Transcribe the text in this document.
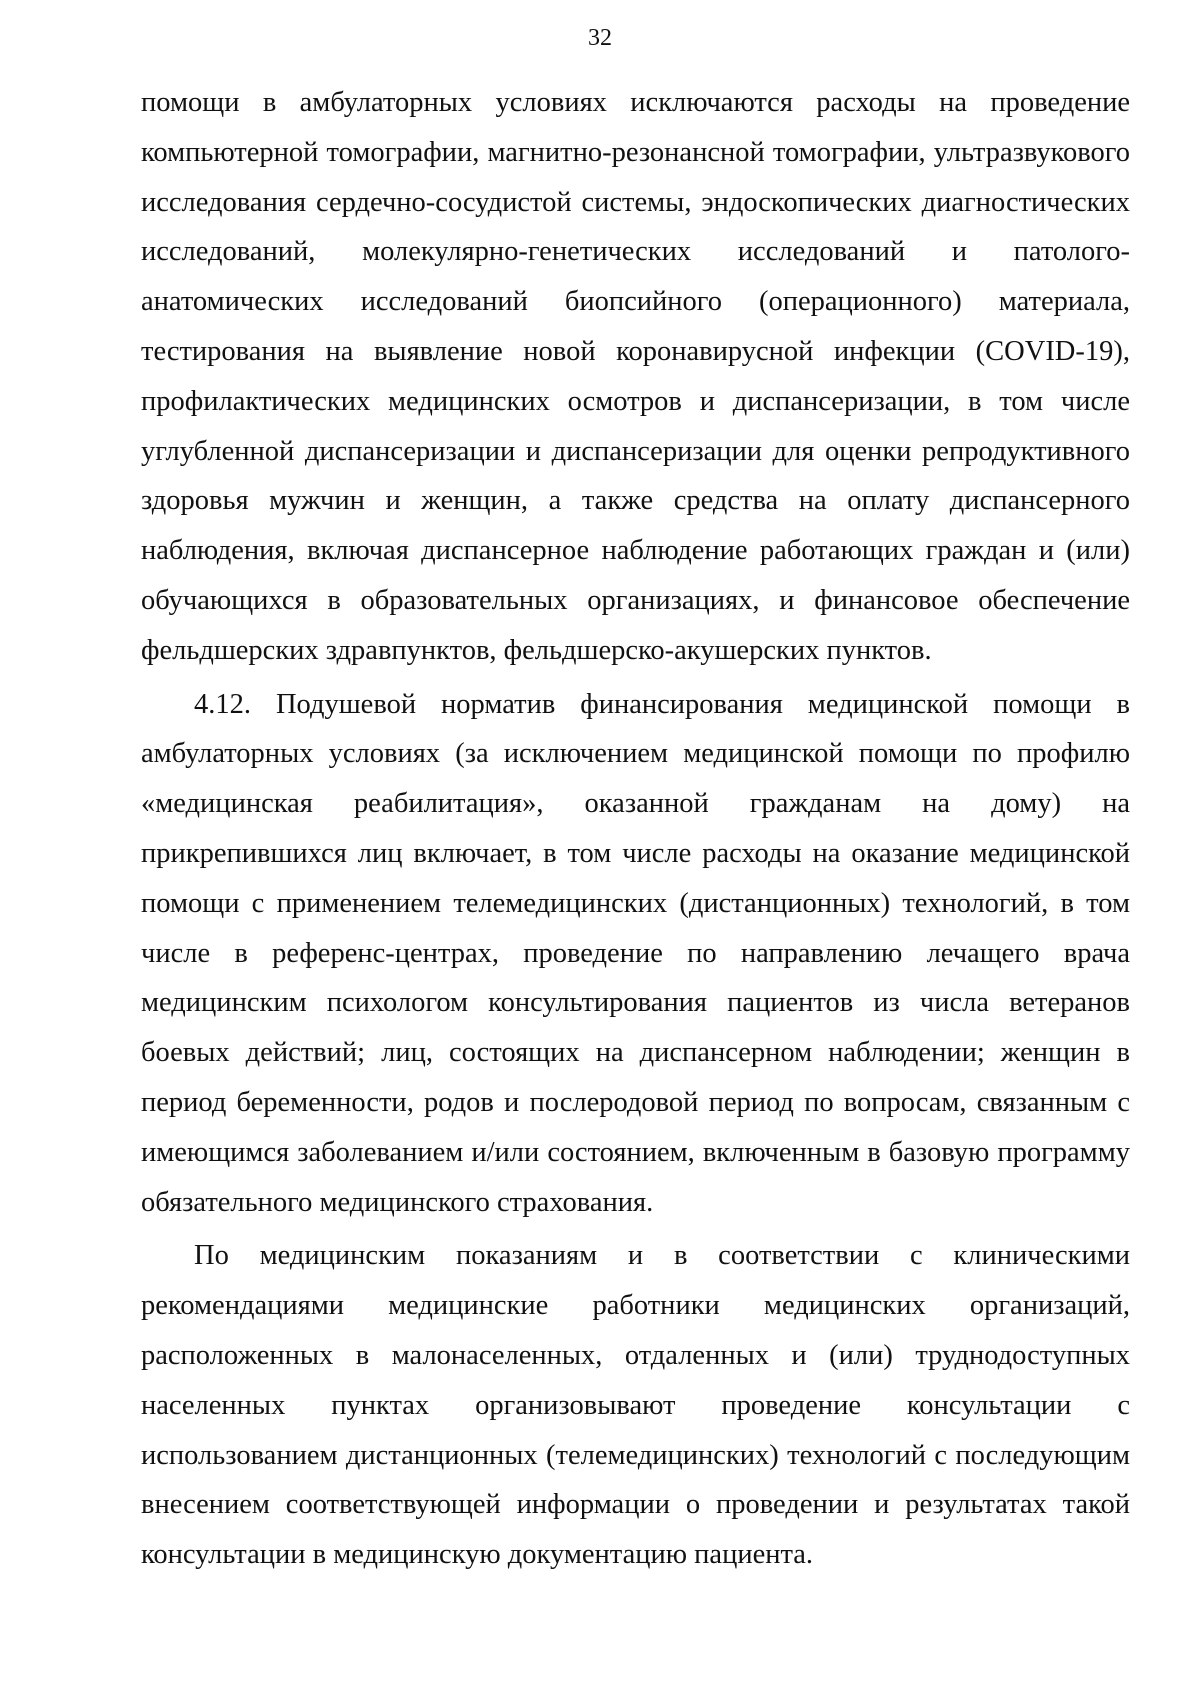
32

помощи в амбулаторных условиях исключаются расходы на проведение компьютерной томографии, магнитно-резонансной томографии, ультразвукового исследования сердечно-сосудистой системы, эндоскопических диагностических исследований, молекулярно-генетических исследований и патолого-анатомических исследований биопсийного (операционного) материала, тестирования на выявление новой коронавирусной инфекции (COVID-19), профилактических медицинских осмотров и диспансеризации, в том числе углубленной диспансеризации и диспансеризации для оценки репродуктивного здоровья мужчин и женщин, а также средства на оплату диспансерного наблюдения, включая диспансерное наблюдение работающих граждан и (или) обучающихся в образовательных организациях, и финансовое обеспечение фельдшерских здравпунктов, фельдшерско-акушерских пунктов.

4.12. Подушевой норматив финансирования медицинской помощи в амбулаторных условиях (за исключением медицинской помощи по профилю «медицинская реабилитация», оказанной гражданам на дому) на прикрепившихся лиц включает, в том числе расходы на оказание медицинской помощи с применением телемедицинских (дистанционных) технологий, в том числе в референс-центрах, проведение по направлению лечащего врача медицинским психологом консультирования пациентов из числа ветеранов боевых действий; лиц, состоящих на диспансерном наблюдении; женщин в период беременности, родов и послеродовой период по вопросам, связанным с имеющимся заболеванием и/или состоянием, включенным в базовую программу обязательного медицинского страхования.

По медицинским показаниям и в соответствии с клиническими рекомендациями медицинские работники медицинских организаций, расположенных в малонаселенных, отдаленных и (или) труднодоступных населенных пунктах организовывают проведение консультации с использованием дистанционных (телемедицинских) технологий с последующим внесением соответствующей информации о проведении и результатах такой консультации в медицинскую документацию пациента.
